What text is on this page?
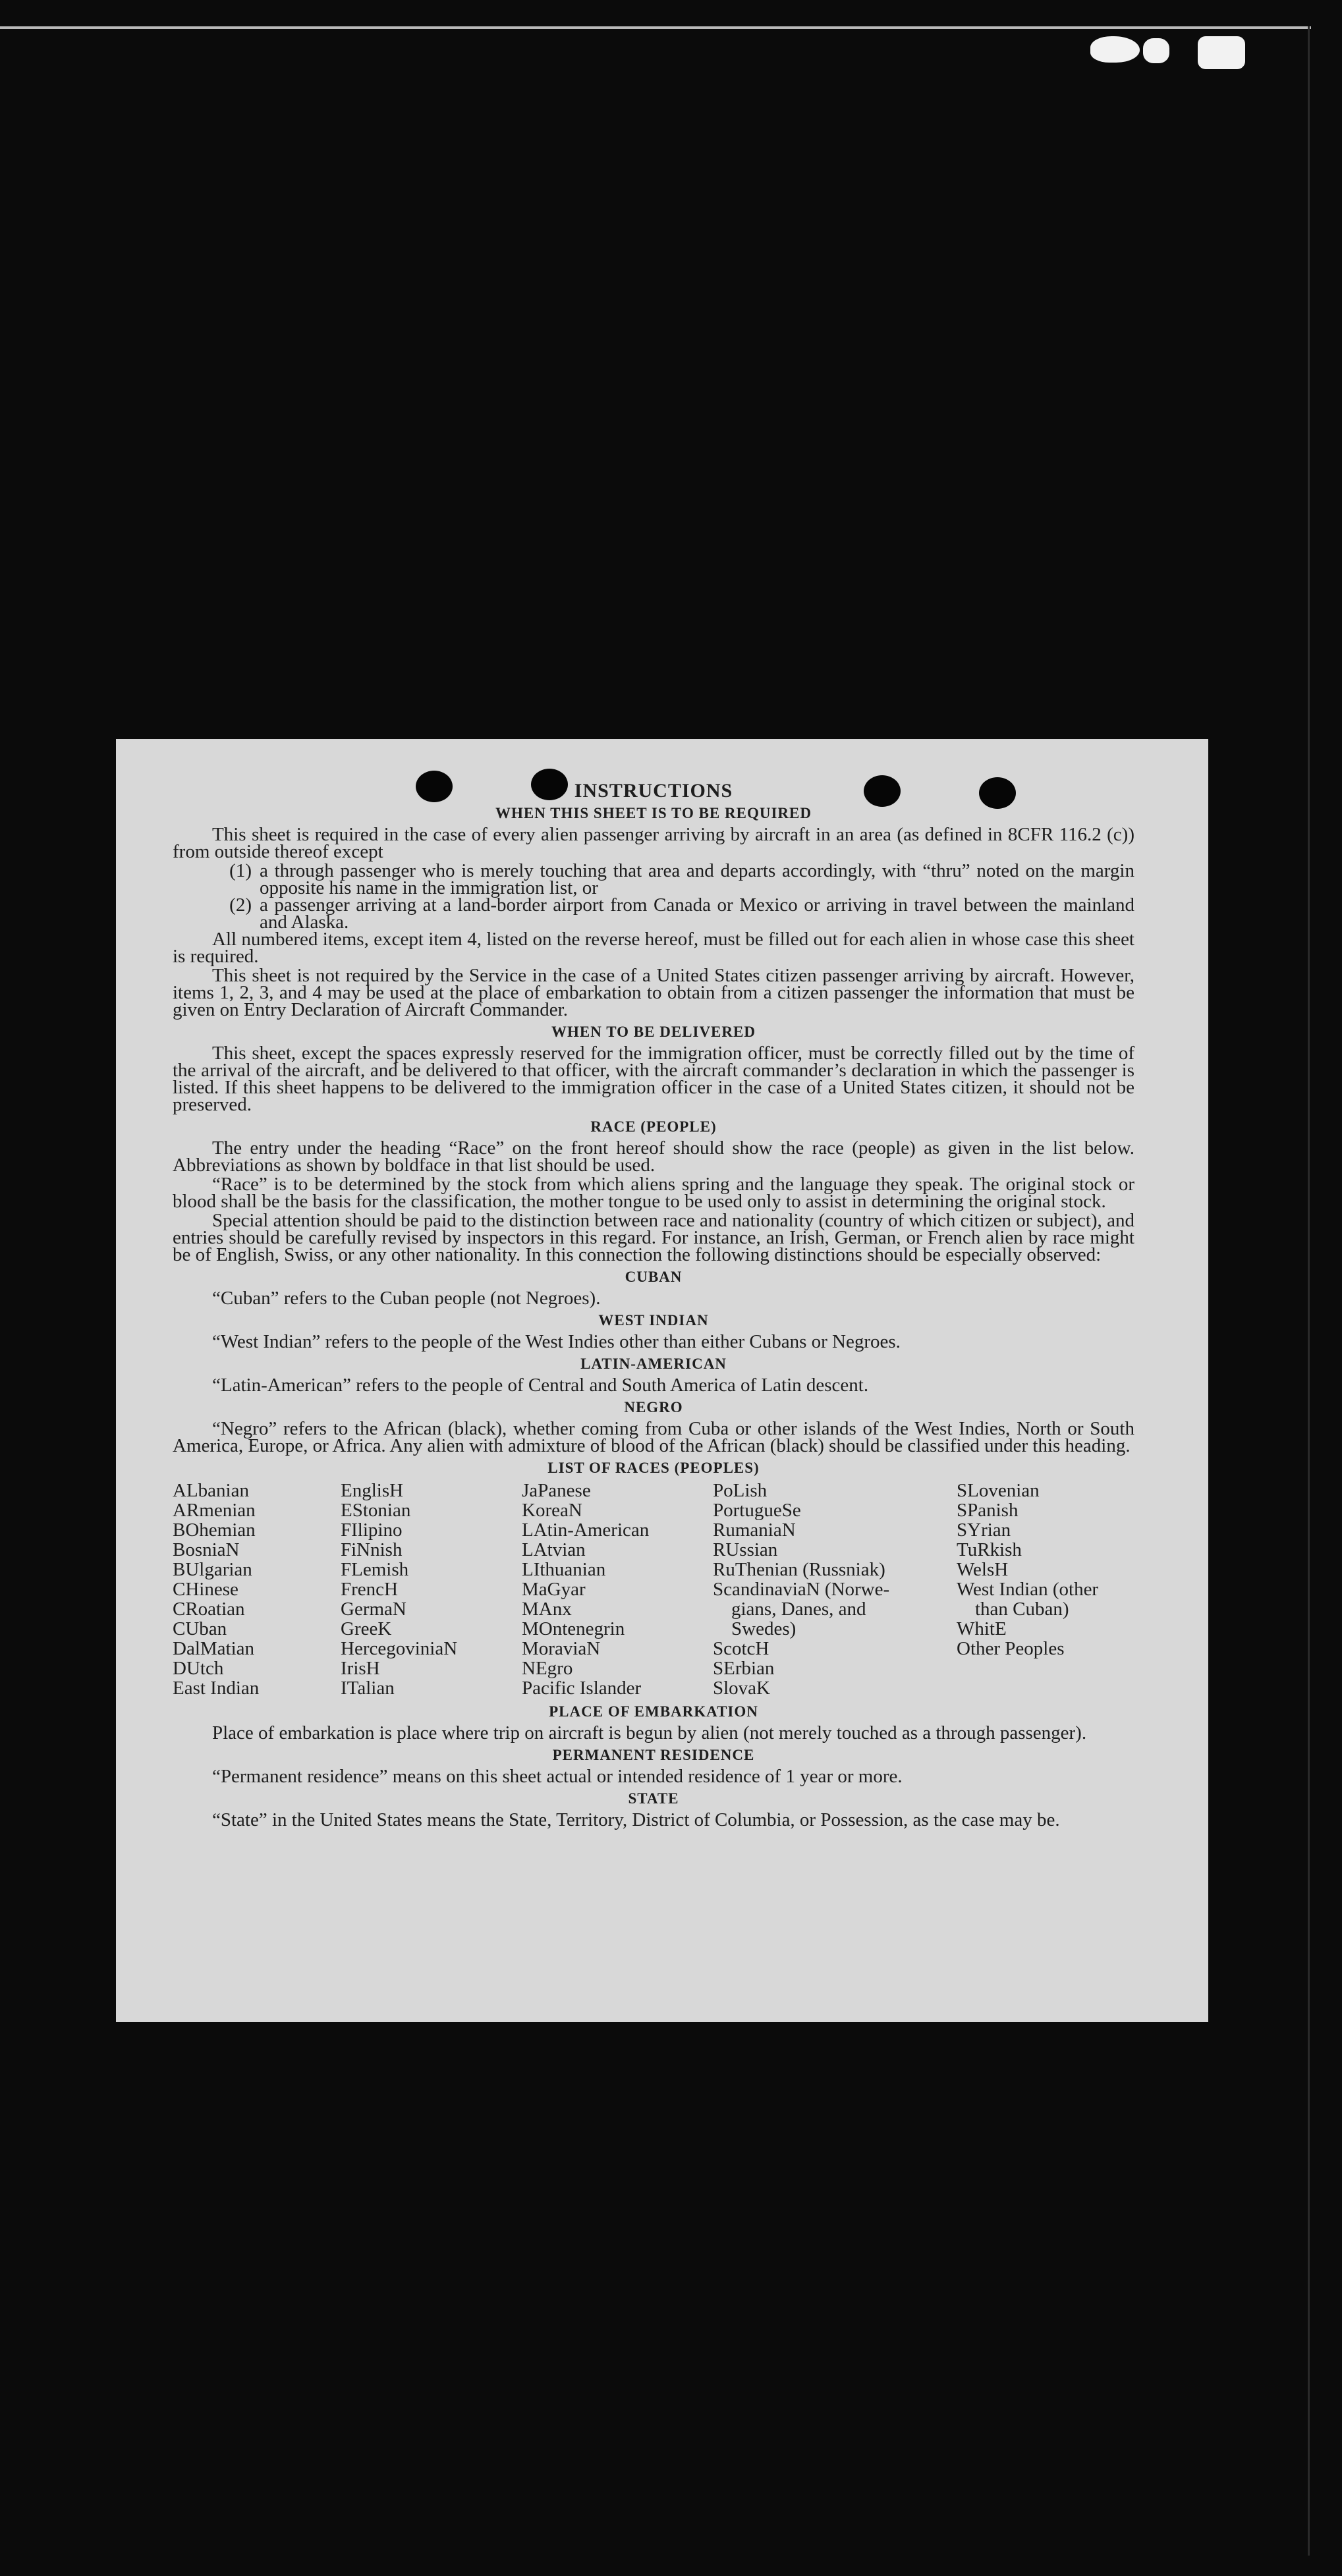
INSTRUCTIONS
WHEN THIS SHEET IS TO BE REQUIRED

This sheet is required in the case of every alien passenger arriving by aircraft in an area (as defined in 8CFR 116.2 (c)) from outside thereof except

(1) a through passenger who is merely touching that area and departs accordingly, with “thru” noted on the margin opposite his name in the immigration list, or
(2) a passenger arriving at a land-border airport from Canada or Mexico or arriving in travel between the mainland and Alaska.

All numbered items, except item 4, listed on the reverse hereof, must be filled out for each alien in whose case this sheet is required.

This sheet is not required by the Service in the case of a United States citizen passenger arriving by aircraft. However, items 1, 2, 3, and 4 may be used at the place of embarkation to obtain from a citizen passenger the information that must be given on Entry Declaration of Aircraft Commander.

WHEN TO BE DELIVERED

This sheet, except the spaces expressly reserved for the immigration officer, must be correctly filled out by the time of the arrival of the aircraft, and be delivered to that officer, with the aircraft commander’s declaration in which the passenger is listed. If this sheet happens to be delivered to the immigration officer in the case of a United States citizen, it should not be preserved.

RACE (PEOPLE)

The entry under the heading “Race” on the front hereof should show the race (people) as given in the list below. Abbreviations as shown by boldface in that list should be used.

“Race” is to be determined by the stock from which aliens spring and the language they speak. The original stock or blood shall be the basis for the classification, the mother tongue to be used only to assist in determining the original stock.

Special attention should be paid to the distinction between race and nationality (country of which citizen or subject), and entries should be carefully revised by inspectors in this regard. For instance, an Irish, German, or French alien by race might be of English, Swiss, or any other nationality. In this connection the following distinctions should be especially observed:

CUBAN

“Cuban” refers to the Cuban people (not Negroes).

WEST INDIAN

“West Indian” refers to the people of the West Indies other than either Cubans or Negroes.

LATIN-AMERICAN

“Latin-American” refers to the people of Central and South America of Latin descent.

NEGRO

“Negro” refers to the African (black), whether coming from Cuba or other islands of the West Indies, North or South America, Europe, or Africa. Any alien with admixture of blood of the African (black) should be classified under this heading.

LIST OF RACES (PEOPLES)
ALbanian
ARmenian
BOhemian
BosniaN
BUlgarian
CHinese
CRoatian
CUban
DalMatian
DUtch
East Indian
EnglisH
EStonian
FIlipino
FiNnish
FLemish
FrencH
GermaN
GreeK
HercegoviniaN
IrisH
ITalian
JaPanese
KoreaN
LAtin-American
LAtvian
LIthuanian
MaGyar
MAnx
MOntenegrin
MoraviaN
NEgro
Pacific Islander
PoLish
PortugueSe
RumaniaN
RUssian
RuThenian (Russniak)
ScandinaviaN (Norwe-
gians, Danes, and
Swedes)
ScotcH
SErbian
SlovaK
SLovenian
SPanish
SYrian
TuRkish
WelsH
West Indian (other
than Cuban)
WhitE
Other Peoples
PLACE OF EMBARKATION

Place of embarkation is place where trip on aircraft is begun by alien (not merely touched as a through passenger).

PERMANENT RESIDENCE

“Permanent residence” means on this sheet actual or intended residence of 1 year or more.

STATE

“State” in the United States means the State, Territory, District of Columbia, or Possession, as the case may be.
